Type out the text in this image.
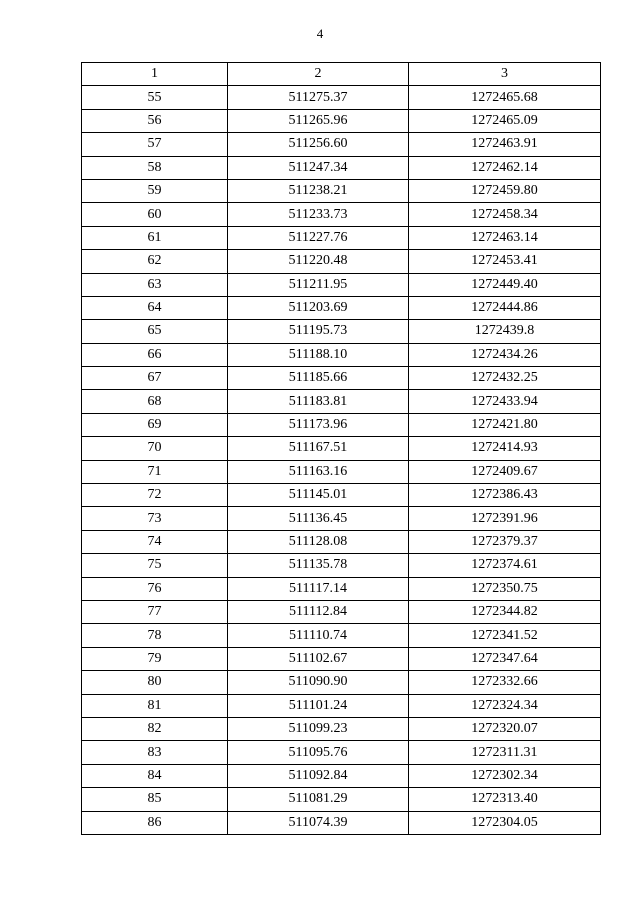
4
1	2	3
55	511275.37	1272465.68
56	511265.96	1272465.09
57	511256.60	1272463.91
58	511247.34	1272462.14
59	511238.21	1272459.80
60	511233.73	1272458.34
61	511227.76	1272463.14
62	511220.48	1272453.41
63	511211.95	1272449.40
64	511203.69	1272444.86
65	511195.73	1272439.8
66	511188.10	1272434.26
67	511185.66	1272432.25
68	511183.81	1272433.94
69	511173.96	1272421.80
70	511167.51	1272414.93
71	511163.16	1272409.67
72	511145.01	1272386.43
73	511136.45	1272391.96
74	511128.08	1272379.37
75	511135.78	1272374.61
76	511117.14	1272350.75
77	511112.84	1272344.82
78	511110.74	1272341.52
79	511102.67	1272347.64
80	511090.90	1272332.66
81	511101.24	1272324.34
82	511099.23	1272320.07
83	511095.76	1272311.31
84	511092.84	1272302.34
85	511081.29	1272313.40
86	511074.39	1272304.05
